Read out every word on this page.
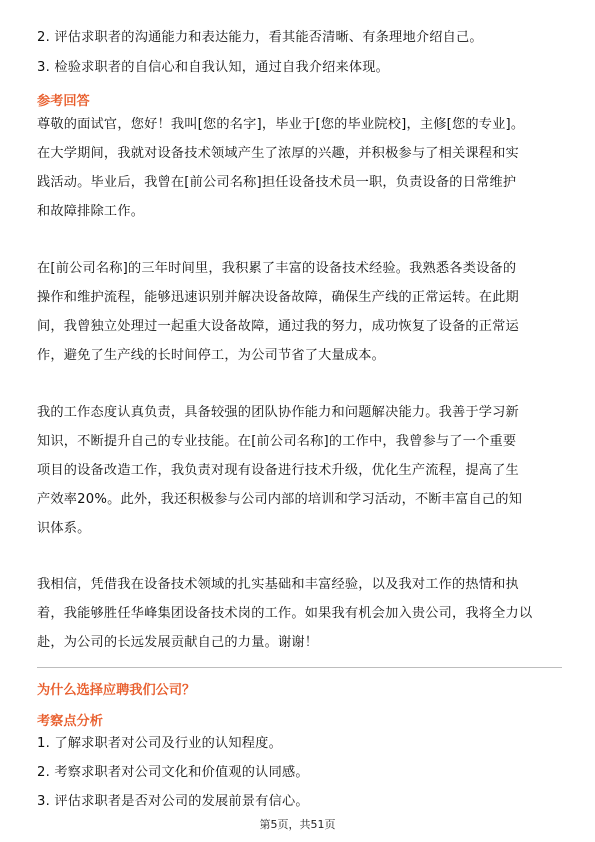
2. 评估求职者的沟通能力和表达能力，看其能否清晰、有条理地介绍自己。
3. 检验求职者的自信心和自我认知，通过自我介绍来体现。
参考回答
尊敬的面试官，您好！我叫[您的名字]，毕业于[您的毕业院校]，主修[您的专业]。
在大学期间，我就对设备技术领域产生了浓厚的兴趣，并积极参与了相关课程和实
践活动。毕业后，我曾在[前公司名称]担任设备技术员一职，负责设备的日常维护
和故障排除工作。
在[前公司名称]的三年时间里，我积累了丰富的设备技术经验。我熟悉各类设备的
操作和维护流程，能够迅速识别并解决设备故障，确保生产线的正常运转。在此期
间，我曾独立处理过一起重大设备故障，通过我的努力，成功恢复了设备的正常运
作，避免了生产线的长时间停工，为公司节省了大量成本。
我的工作态度认真负责，具备较强的团队协作能力和问题解决能力。我善于学习新
知识，不断提升自己的专业技能。在[前公司名称]的工作中，我曾参与了一个重要
项目的设备改造工作，我负责对现有设备进行技术升级，优化生产流程，提高了生
产效率20%。此外，我还积极参与公司内部的培训和学习活动，不断丰富自己的知
识体系。
我相信，凭借我在设备技术领域的扎实基础和丰富经验，以及我对工作的热情和执
着，我能够胜任华峰集团设备技术岗的工作。如果我有机会加入贵公司，我将全力以
赴，为公司的长远发展贡献自己的力量。谢谢！
为什么选择应聘我们公司？
考察点分析
1. 了解求职者对公司及行业的认知程度。
2. 考察求职者对公司文化和价值观的认同感。
3. 评估求职者是否对公司的发展前景有信心。
第5页，共51页
